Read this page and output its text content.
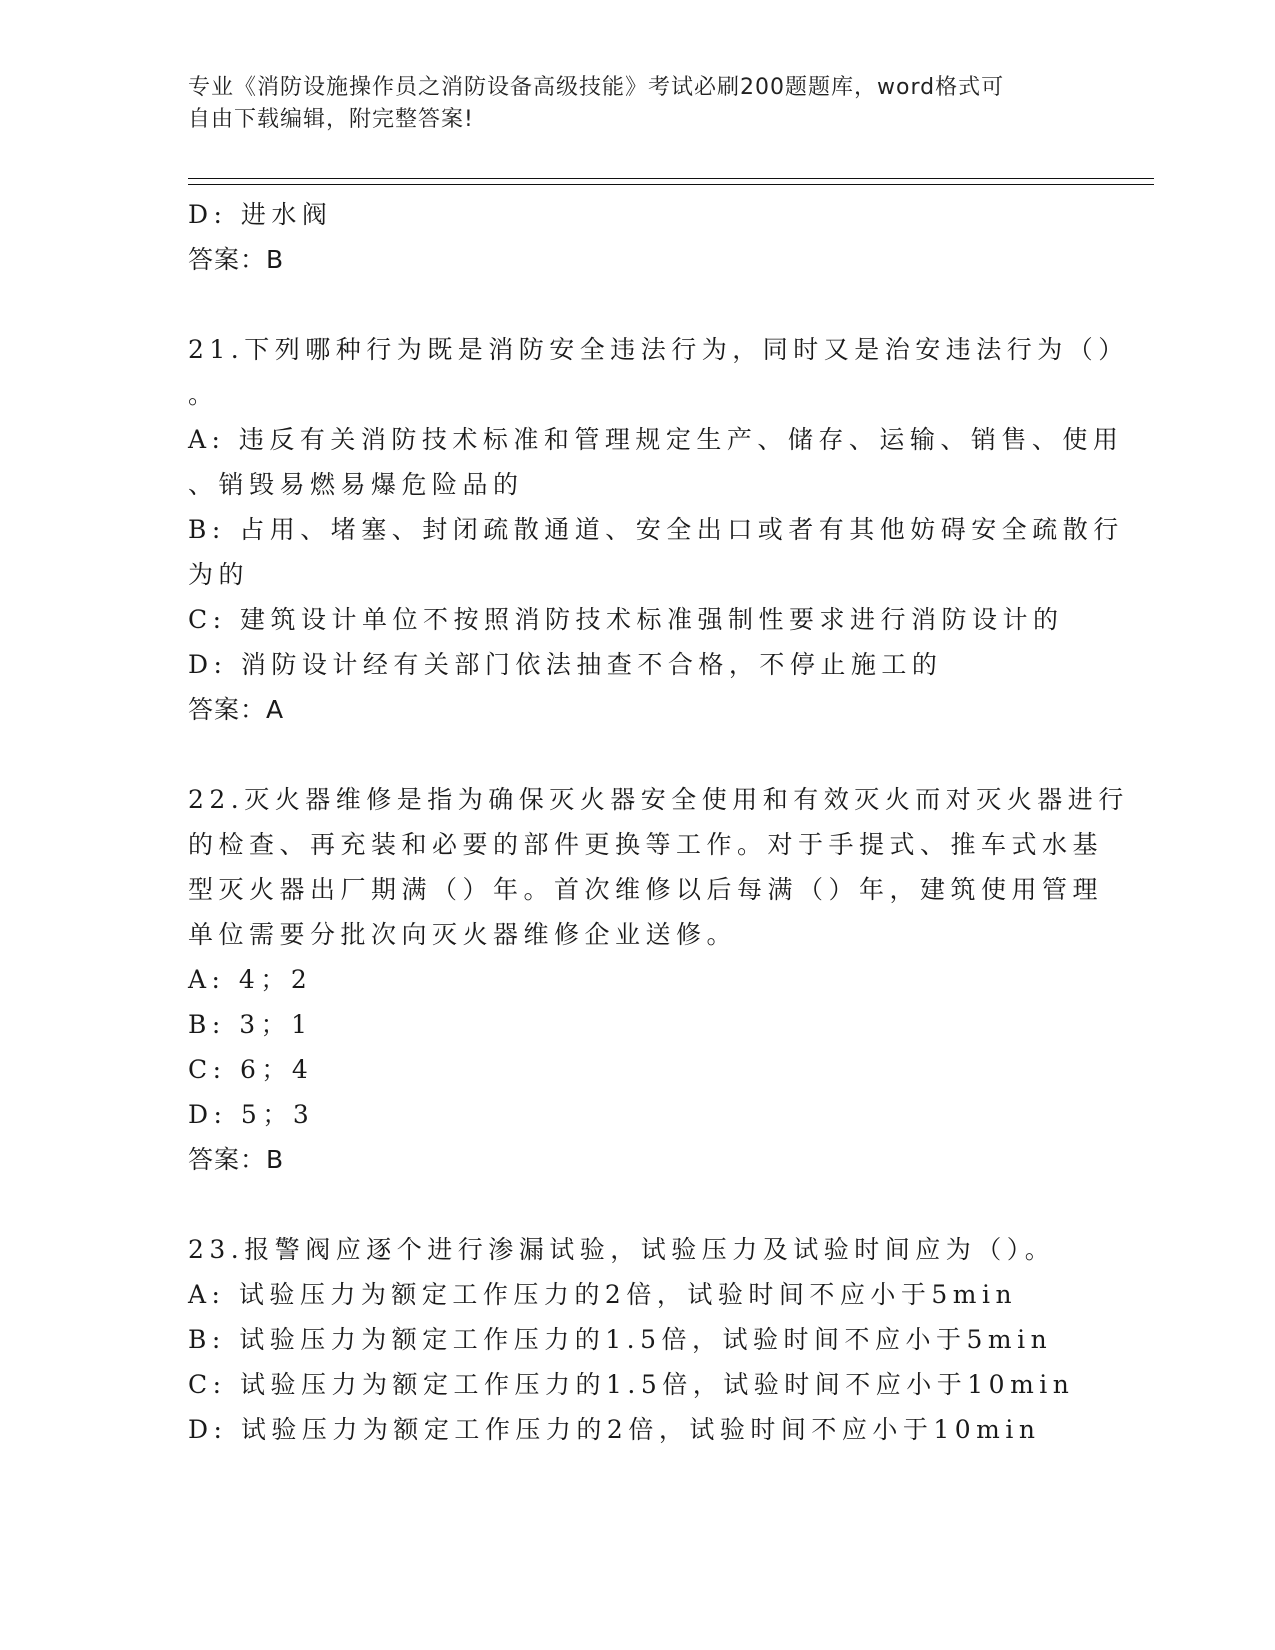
专业《消防设施操作员之消防设备高级技能》考试必刷200题题库，word格式可
自由下载编辑，附完整答案!
D: 进水阀
答案：B
21.下列哪种行为既是消防安全违法行为，同时又是治安违法行为（）
。
A: 违反有关消防技术标准和管理规定生产、储存、运输、销售、使用
、销毁易燃易爆危险品的
B: 占用、堵塞、封闭疏散通道、安全出口或者有其他妨碍安全疏散行
为的
C: 建筑设计单位不按照消防技术标准强制性要求进行消防设计的
D: 消防设计经有关部门依法抽查不合格，不停止施工的
答案：A
22.灭火器维修是指为确保灭火器安全使用和有效灭火而对灭火器进行
的检查、再充装和必要的部件更换等工作。对于手提式、推车式水基
型灭火器出厂期满（）年。首次维修以后每满（）年，建筑使用管理
单位需要分批次向灭火器维修企业送修。
A: 4；2
B: 3；1
C: 6；4
D: 5；3
答案：B
23.报警阀应逐个进行渗漏试验，试验压力及试验时间应为（）。
A: 试验压力为额定工作压力的2倍，试验时间不应小于5min
B: 试验压力为额定工作压力的1.5倍，试验时间不应小于5min
C: 试验压力为额定工作压力的1.5倍，试验时间不应小于10min
D: 试验压力为额定工作压力的2倍，试验时间不应小于10min
